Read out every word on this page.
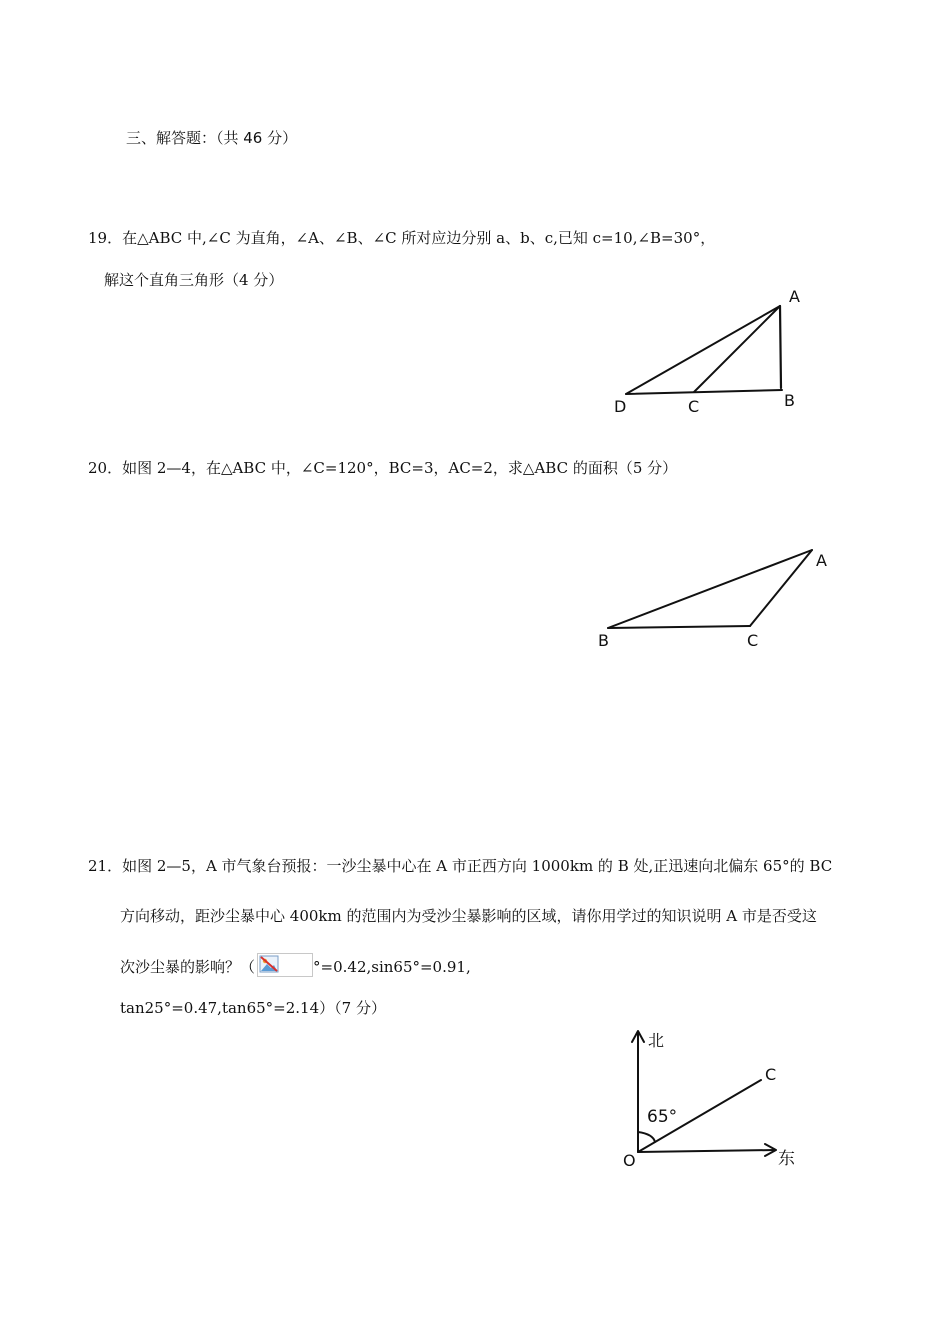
三、解答题：（共 46 分）
19．在△ABC 中,∠C 为直角，∠A、∠B、∠C 所对应边分别 a、b、c,已知 c=10,∠B=30°，
解这个直角三角形（4 分）
A
B
C
D
20．如图 2—4，在△ABC 中，∠C=120°，BC=3，AC=2，求△ABC 的面积（5 分）
A
B	C
21．如图 2—5，A 市气象台预报：一沙尘暴中心在 A 市正西方向 1000km 的 B 处,正迅速向北偏东 65°的 BC
方向移动，距沙尘暴中心 400km 的范围内为受沙尘暴影响的区域，请你用学过的知识说明 A 市是否受这
次沙尘暴的影响？（	°=0.42,sin65°=0.91,
tan25°=0.47,tan65°=2.14）（7 分）
北
东
C
O
65°
